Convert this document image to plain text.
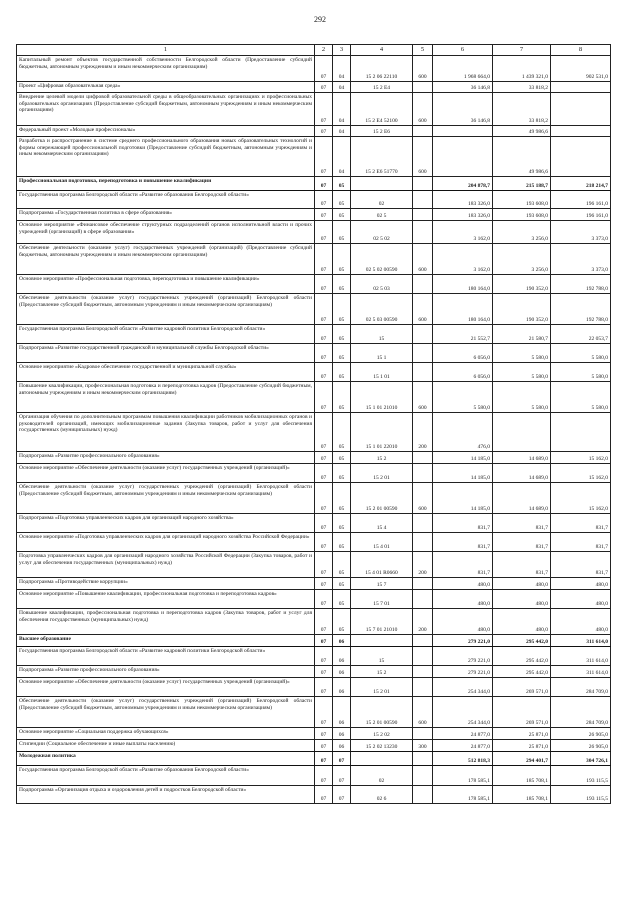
292
1	2	3	4	5	6	7	8
Капитальный ремонт объектов государственной собственности Белгородской области (Предоставление субсидий бюджетным, автономным учреждениям и иным некоммерческим организациям)	07	04	15 2 06 22110	600	1 968 664,0	1 439 321,0	902 531,0
Проект «Цифровая образовательная среда»	07	04	15 2 E4		36 146,8	33 818,2	
Внедрение целевой модели цифровой образовательной среды в общеобразовательных организациях и профессиональных образовательных организациях (Предоставление субсидий бюджетным, автономным учреждениям и иным некоммерческим организациям)	07	04	15 2 E4 52100	600	36 146,8	33 818,2	
Федеральный проект «Молодые профессионалы»	07	04	15 2 E6			49 986,6	
Разработка и распространение в системе среднего профессионального образования новых образовательных технологий и формы опережающей профессиональной подготовки (Предоставление субсидий бюджетным, автономным учреждениям и иным некоммерческим организациям)	07	04	15 2 E6 51770	600		49 986,6	
Профессиональная подготовка, переподготовка и повышение квалификации	07	05			204 878,7	215 188,7	218 214,7
Государственная программа Белгородской области «Развитие образования Белгородской области»	07	05	02		183 326,0	193 608,0	196 161,0
Подпрограмма «Государственная политика в сфере образования»	07	05	02 5		183 326,0	193 608,0	196 161,0
Основное мероприятие «Финансовое обеспечение структурных подразделений органов исполнительной власти и прочих учреждений (организаций) в сфере образования»	07	05	02 5 02		3 162,0	3 256,0	3 373,0
Обеспечение деятельности (оказание услуг) государственных учреждений (организаций) (Предоставление субсидий бюджетным, автономным учреждениям и иным некоммерческим организациям)	07	05	02 5 02 00590	600	3 162,0	3 256,0	3 373,0
Основное мероприятие «Профессиональная подготовка, переподготовка и повышение квалификации»	07	05	02 5 03		180 164,0	190 352,0	192 788,0
Обеспечение деятельности (оказание услуг) государственных учреждений (организаций) Белгородской области (Предоставление субсидий бюджетным, автономным учреждениям и иным некоммерческим организациям)	07	05	02 5 03 00590	600	180 164,0	190 352,0	192 788,0
Государственная программа Белгородской области «Развитие кадровой политики Белгородской области»	07	05	15		21 552,7	21 580,7	22 053,7
Подпрограмма «Развитие государственной гражданской и муниципальной службы Белгородской области»	07	05	15 1		6 056,0	5 580,0	5 580,0
Основное мероприятие «Кадровое обеспечение государственной и муниципальной службы»	07	05	15 1 01		6 056,0	5 580,0	5 580,0
Повышение квалификации, профессиональная подготовка и переподготовка кадров (Предоставление субсидий бюджетным, автономным учреждениям и иным некоммерческим организациям)	07	05	15 1 01 21010	600	5 580,0	5 580,0	5 580,0
Организация обучения по дополнительным программам повышения квалификации работников мобилизационных органов и руководителей организаций, имеющих мобилизационные задания (Закупка товаров, работ и услуг для обеспечения государственных (муниципальных) нужд)	07	05	15 1 01 22010	200	476,0		
Подпрограмма «Развитие профессионального образования»	07	05	15 2		14 185,0	14 689,0	15 162,0
Основное мероприятие «Обеспечение деятельности (оказание услуг) государственных учреждений (организаций)»	07	05	15 2 01		14 185,0	14 689,0	15 162,0
Обеспечение деятельности (оказание услуг) государственных учреждений (организаций) Белгородской области (Предоставление субсидий бюджетным, автономным учреждениям и иным некоммерческим организациям)	07	05	15 2 01 00590	600	14 185,0	14 689,0	15 162,0
Подпрограмма «Подготовка управленческих кадров для организаций народного хозяйства»	07	05	15 4		831,7	831,7	831,7
Основное мероприятие «Подготовка управленческих кадров для организаций народного хозяйства Российской Федерации»	07	05	15 4 01		831,7	831,7	831,7
Подготовка управленческих кадров для организаций народного хозяйства Российской Федерации (Закупка товаров, работ и услуг для обеспечения государственных (муниципальных) нужд)	07	05	15 4 01 R0660	200	831,7	831,7	831,7
Подпрограмма «Противодействие коррупции»	07	05	15 7		480,0	480,0	480,0
Основное мероприятие «Повышение квалификации, профессиональная подготовка и переподготовка кадров»	07	05	15 7 01		480,0	480,0	480,0
Повышение квалификации, профессиональная подготовка и переподготовка кадров (Закупка товаров, работ и услуг для обеспечения государственных (муниципальных) нужд)	07	05	15 7 01 21010	200	480,0	480,0	480,0
Высшее образование	07	06			279 221,0	295 442,0	311 614,0
Государственная программа Белгородской области «Развитие кадровой политики Белгородской области»	07	06	15		279 221,0	295 442,0	311 614,0
Подпрограмма «Развитие профессионального образования»	07	06	15 2		279 221,0	295 442,0	311 614,0
Основное мероприятие «Обеспечение деятельности (оказание услуг) государственных учреждений (организаций)»	07	06	15 2 01		254 344,0	269 571,0	284 709,0
Обеспечение деятельности (оказание услуг) государственных учреждений (организаций) Белгородской области (Предоставление субсидий бюджетным, автономным учреждениям и иным некоммерческим организациям)	07	06	15 2 01 00590	600	254 344,0	269 571,0	284 709,0
Основное мероприятие «Социальная поддержка обучающихся»	07	06	15 2 02		24 877,0	25 871,0	26 905,0
Стипендии (Социальное обеспечение и иные выплаты населению)	07	06	15 2 02 13230	300	24 877,0	25 871,0	26 905,0
Молодежная политика	07	07			512 818,3	294 401,7	304 726,1
Государственная программа Белгородской области «Развитие образования Белгородской области»	07	07	02		178 585,1	185 708,1	193 115,5
Подпрограмма «Организация отдыха и оздоровления детей и подростков Белгородской области»	07	07	02 6		178 585,1	185 708,1	193 115,5
